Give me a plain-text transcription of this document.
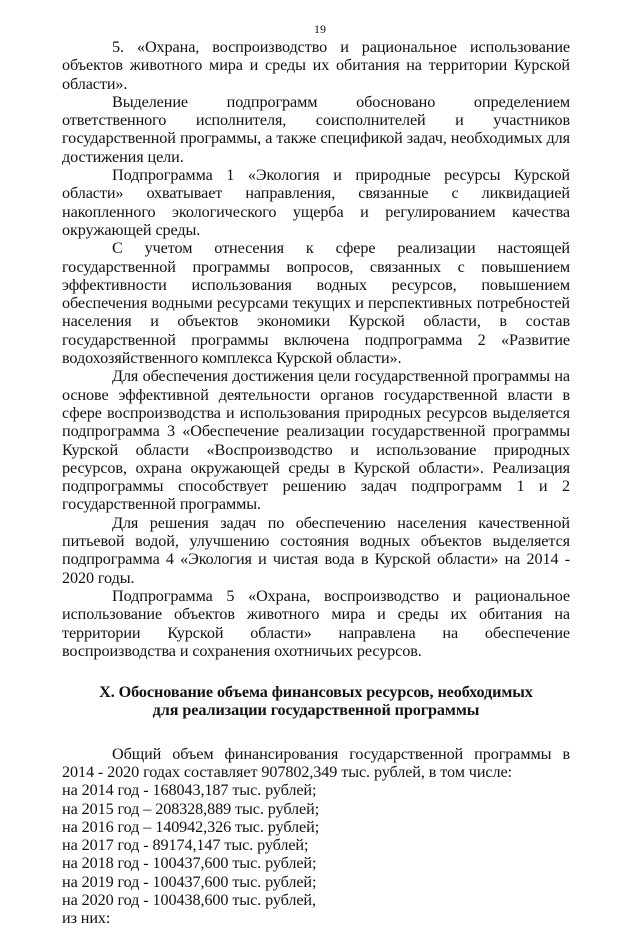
19

5. «Охрана, воспроизводство и рациональное использование объектов животного мира и среды их обитания на территории Курской области».

Выделение подпрограмм обосновано определением ответственного исполнителя, соисполнителей и участников государственной программы, а также спецификой задач, необходимых для достижения цели.

Подпрограмма 1 «Экология и природные ресурсы Курской области» охватывает направления, связанные с ликвидацией накопленного экологического ущерба и регулированием качества окружающей среды.

С учетом отнесения к сфере реализации настоящей государственной программы вопросов, связанных с повышением эффективности использования водных ресурсов, повышением обеспечения водными ресурсами текущих и перспективных потребностей населения и объектов экономики Курской области, в состав государственной программы включена подпрограмма 2 «Развитие водохозяйственного комплекса Курской области».

Для обеспечения достижения цели государственной программы на основе эффективной деятельности органов государственной власти в сфере воспроизводства и использования природных ресурсов выделяется подпрограмма 3 «Обеспечение реализации государственной программы Курской области «Воспроизводство и использование природных ресурсов, охрана окружающей среды в Курской области». Реализация подпрограммы способствует решению задач подпрограмм 1 и 2 государственной программы.

Для решения задач по обеспечению населения качественной питьевой водой, улучшению состояния водных объектов выделяется подпрограмма 4 «Экология и чистая вода в Курской области» на 2014 - 2020 годы.

Подпрограмма 5 «Охрана, воспроизводство и рациональное использование объектов животного мира и среды их обитания на территории Курской области» направлена на обеспечение воспроизводства и сохранения охотничьих ресурсов.

X. Обоснование объема финансовых ресурсов, необходимых
для реализации государственной программы

Общий объем финансирования государственной программы в 2014 - 2020 годах составляет 907802,349 тыс. рублей, в том числе:

на 2014 год - 168043,187 тыс. рублей;
на 2015 год – 208328,889 тыс. рублей;
на 2016 год – 140942,326 тыс. рублей;
на 2017 год - 89174,147 тыс. рублей;
на 2018 год - 100437,600 тыс. рублей;
на 2019 год - 100437,600 тыс. рублей;
на 2020 год - 100438,600 тыс. рублей,

из них:
